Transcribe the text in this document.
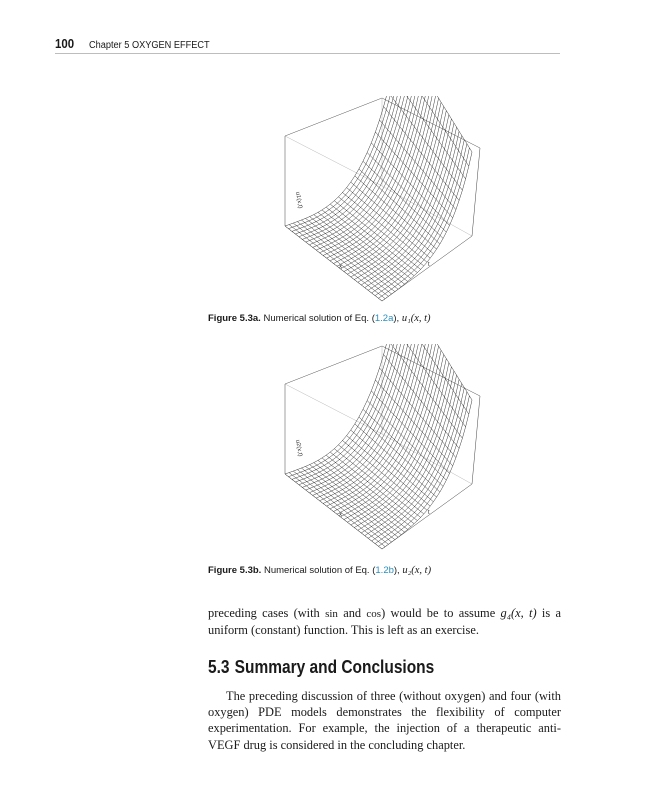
100 Chapter 5 OXYGEN EFFECT
u1(x,t)
x	t
Figure 5.3a. Numerical solution of Eq. (1.2a), u₁(x, t)
u2(x,t)
x	t
Figure 5.3b. Numerical solution of Eq. (1.2b), u₂(x, t)
preceding cases (with sin and cos) would be to assume g₄(x, t) is a uniform (constant) function. This is left as an exercise.
5.3 Summary and Conclusions
The preceding discussion of three (without oxygen) and four (with oxygen) PDE models demonstrates the flexibility of computer experimentation. For example, the injection of a therapeutic anti-VEGF drug is considered in the concluding chapter.
